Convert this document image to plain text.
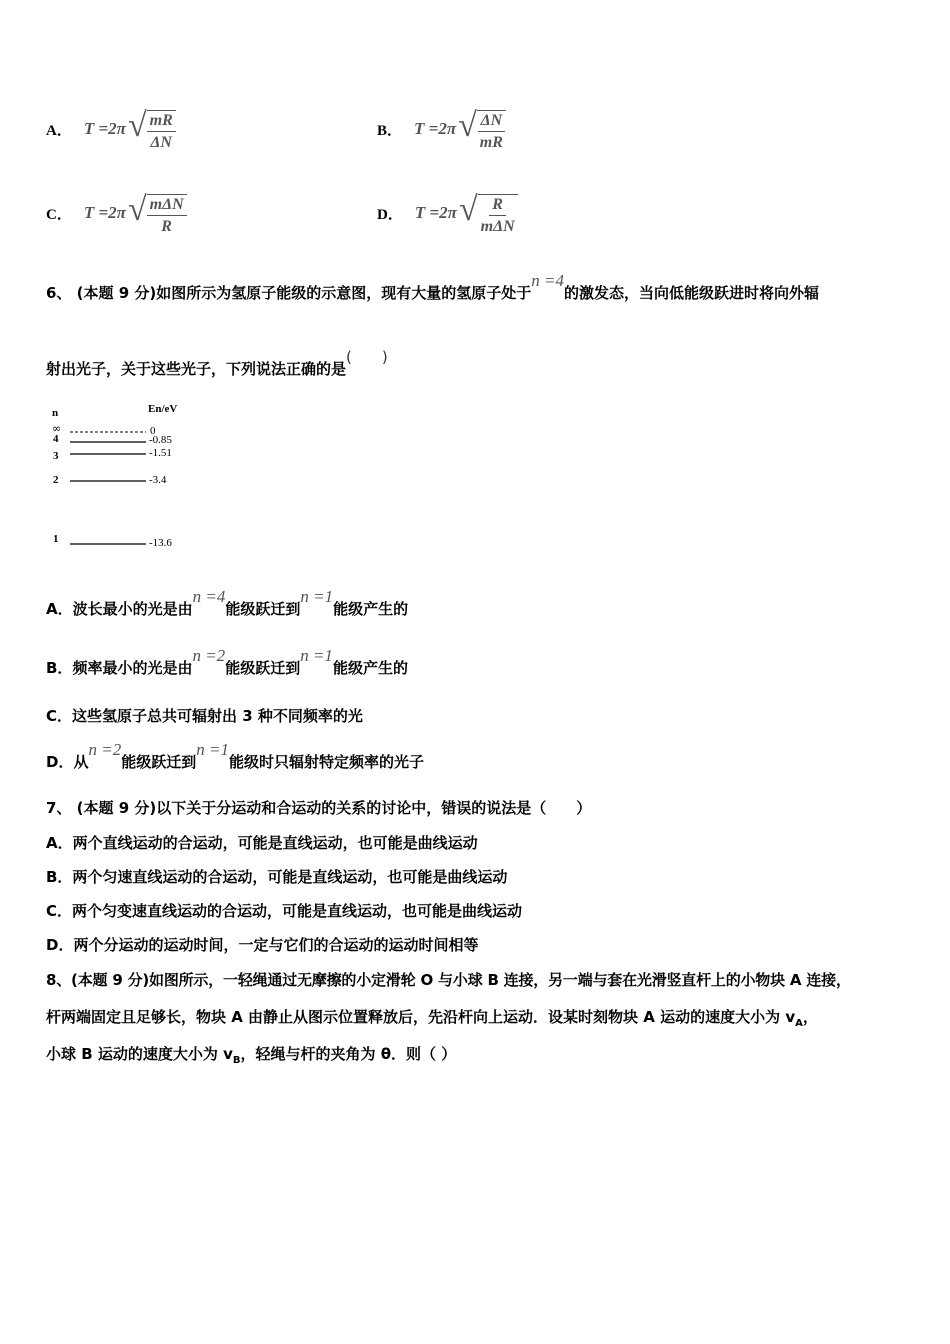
A． T =2π √ $\frac{mR}{\Delta N}$	B． T =2π √ $\frac{\Delta N}{mR}$
C． T =2π √ $\frac{\text{mΔN}}{R}$	D． T =2π √ $\frac{R}{\text{mΔN}}$
6、 (本题 9 分)如图所示为氢原子能级的示意图，现有大量的氢原子处于n =4的激发态，当向低能级跃进时将向外辐
射出光子，关于这些光子，下列说法正确的是(　　)
n	En/eV
∞	0
4	-0.85
3	-1.51
2	-3.4
1	-13.6
A．波长最小的光是由n =4能级跃迁到n =1能级产生的
B．频率最小的光是由n =2能级跃迁到n =1能级产生的
C．这些氢原子总共可辐射出 3 种不同频率的光
D．从n =2能级跃迁到n =1能级时只辐射特定频率的光子
7、 (本题 9 分)以下关于分运动和合运动的关系的讨论中，错误的说法是（　　）
A．两个直线运动的合运动，可能是直线运动，也可能是曲线运动
B．两个匀速直线运动的合运动，可能是直线运动，也可能是曲线运动
C．两个匀变速直线运动的合运动，可能是直线运动，也可能是曲线运动
D．两个分运动的运动时间，一定与它们的合运动的运动时间相等
8、(本题 9 分)如图所示，一轻绳通过无摩擦的小定滑轮 O 与小球 B 连接，另一端与套在光滑竖直杆上的小物块 A 连接，
杆两端固定且足够长，物块 A 由静止从图示位置释放后，先沿杆向上运动．设某时刻物块 A 运动的速度大小为 $v_A$，
小球 B 运动的速度大小为 $v_B$，轻绳与杆的夹角为 θ．则（ ）
